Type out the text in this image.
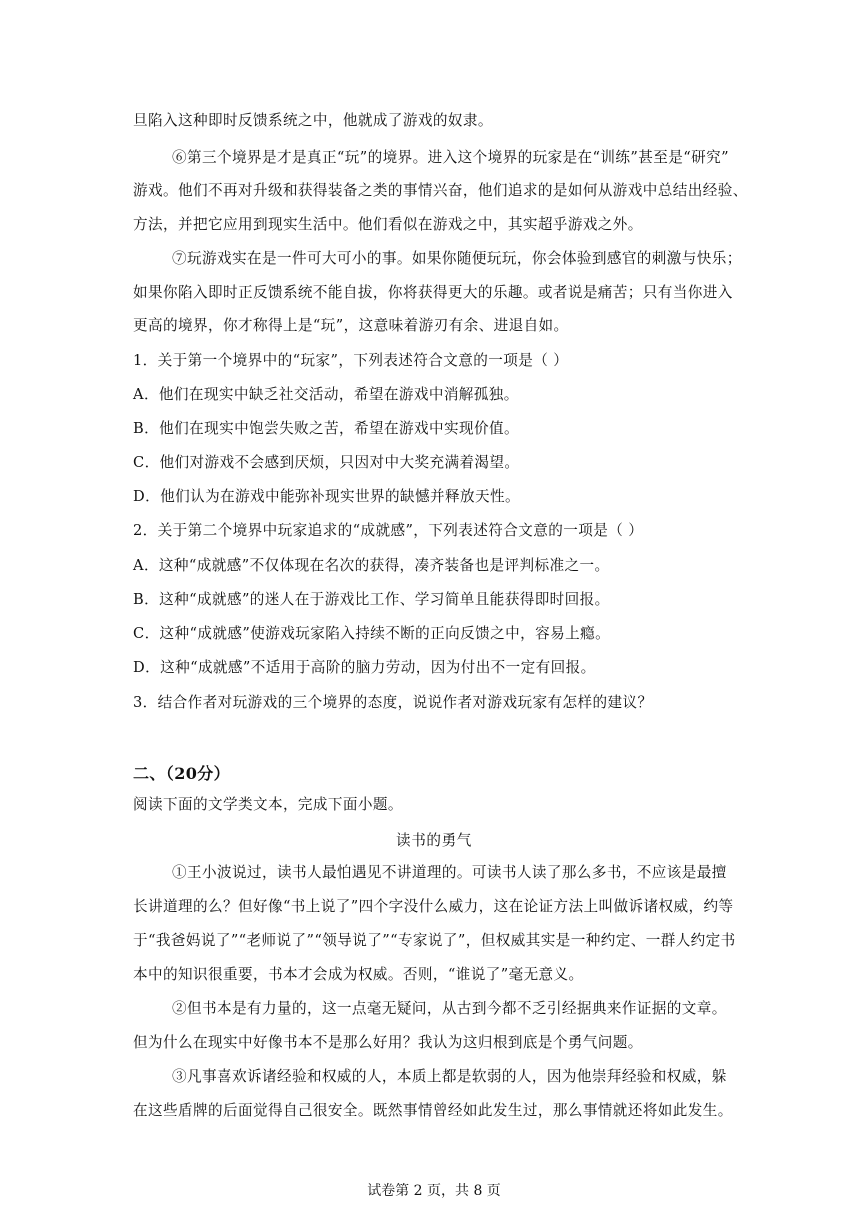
旦陷入这种即时反馈系统之中，他就成了游戏的奴隶。
⑥第三个境界是才是真正“玩”的境界。进入这个境界的玩家是在“训练”甚至是“研究”
游戏。他们不再对升级和获得装备之类的事情兴奋，他们追求的是如何从游戏中总结出经验、
方法，并把它应用到现实生活中。他们看似在游戏之中，其实超乎游戏之外。
⑦玩游戏实在是一件可大可小的事。如果你随便玩玩，你会体验到感官的刺激与快乐；
如果你陷入即时正反馈系统不能自拔，你将获得更大的乐趣。或者说是痛苦；只有当你进入
更高的境界，你才称得上是“玩”，这意味着游刃有余、进退自如。
1．关于第一个境界中的“玩家”，下列表述符合文意的一项是（ ）
A．他们在现实中缺乏社交活动，希望在游戏中消解孤独。
B．他们在现实中饱尝失败之苦，希望在游戏中实现价值。
C．他们对游戏不会感到厌烦，只因对中大奖充满着渴望。
D．他们认为在游戏中能弥补现实世界的缺憾并释放天性。
2．关于第二个境界中玩家追求的“成就感”，下列表述符合文意的一项是（ ）
A．这种“成就感”不仅体现在名次的获得，凑齐装备也是评判标准之一。
B．这种“成就感”的迷人在于游戏比工作、学习简单且能获得即时回报。
C．这种“成就感”使游戏玩家陷入持续不断的正向反馈之中，容易上瘾。
D．这种“成就感”不适用于高阶的脑力劳动，因为付出不一定有回报。
3．结合作者对玩游戏的三个境界的态度，说说作者对游戏玩家有怎样的建议？
二、（20分）
阅读下面的文学类文本，完成下面小题。
读书的勇气
①王小波说过，读书人最怕遇见不讲道理的。可读书人读了那么多书，不应该是最擅
长讲道理的么？但好像“书上说了”四个字没什么威力，这在论证方法上叫做诉诸权威，约等
于“我爸妈说了”“老师说了”“领导说了”“专家说了”，但权威其实是一种约定、一群人约定书
本中的知识很重要，书本才会成为权威。否则，“谁说了”毫无意义。
②但书本是有力量的，这一点毫无疑问，从古到今都不乏引经据典来作证据的文章。
但为什么在现实中好像书本不是那么好用？我认为这归根到底是个勇气问题。
③凡事喜欢诉诸经验和权威的人，本质上都是软弱的人，因为他崇拜经验和权威，躲
在这些盾牌的后面觉得自己很安全。既然事情曾经如此发生过，那么事情就还将如此发生。
试卷第 2 页，共 8 页
